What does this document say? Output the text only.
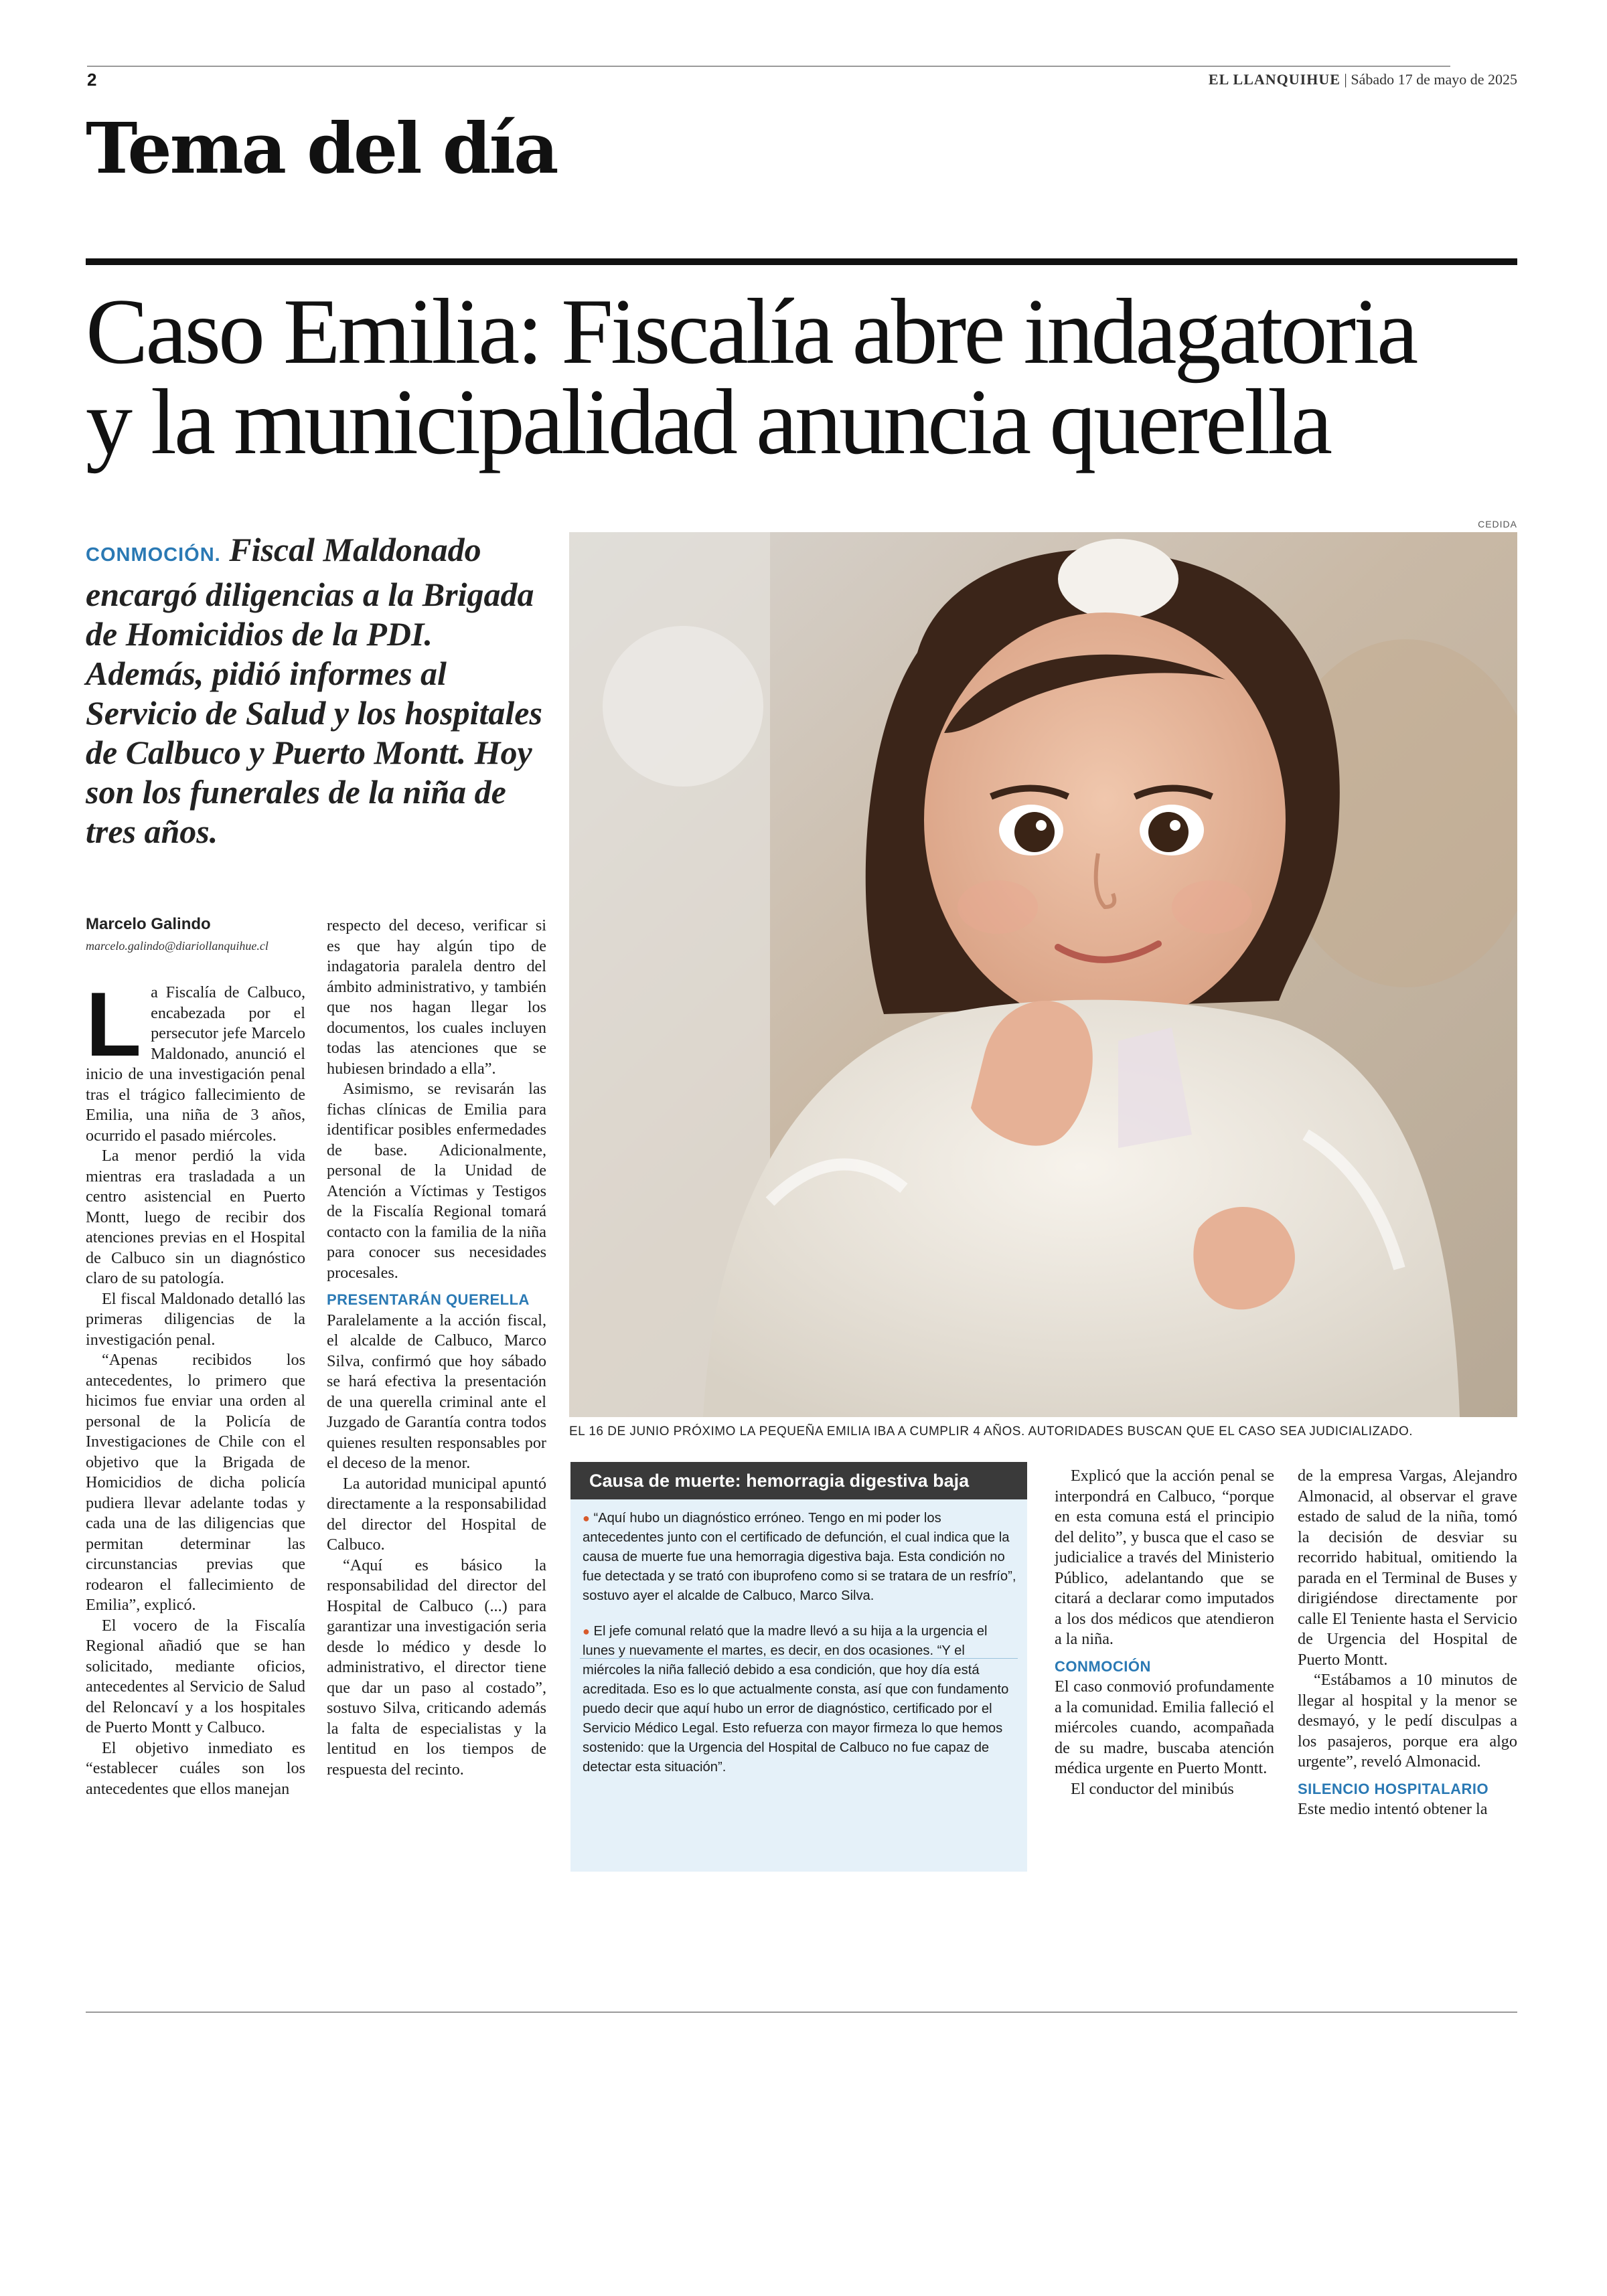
2	EL LLANQUIHUE | Sábado 17 de mayo de 2025
Tema del día
Caso Emilia: Fiscalía abre indagatoria
y la municipalidad anuncia querella
CEDIDA
CONMOCIÓN. Fiscal Maldonado encargó diligencias a la Brigada de Homicidios de la PDI. Además, pidió informes al Servicio de Salud y los hospitales de Calbuco y Puerto Montt. Hoy son los funerales de la niña de tres años.
EL 16 DE JUNIO PRÓXIMO LA PEQUEÑA EMILIA IBA A CUMPLIR 4 AÑOS. AUTORIDADES BUSCAN QUE EL CASO SEA JUDICIALIZADO.
Marcelo Galindo
marcelo.galindo@diariollanquihue.cl

La Fiscalía de Calbuco, encabezada por el persecutor jefe Marcelo Maldonado, anunció el inicio de una investigación penal tras el trágico fallecimiento de Emilia, una niña de 3 años, ocurrido el pasado miércoles.

La menor perdió la vida mientras era trasladada a un centro asistencial en Puerto Montt, luego de recibir dos atenciones previas en el Hospital de Calbuco sin un diagnóstico claro de su patología.

El fiscal Maldonado detalló las primeras diligencias de la investigación penal.

“Apenas recibidos los antecedentes, lo primero que hicimos fue enviar una orden al personal de la Policía de Investigaciones de Chile con el objetivo que la Brigada de Homicidios de dicha policía pudiera llevar adelante todas y cada una de las diligencias que permitan determinar las circunstancias previas que rodearon el fallecimiento de Emilia”, explicó.

El vocero de la Fiscalía Regional añadió que se han solicitado, mediante oficios, antecedentes al Servicio de Salud del Reloncaví y a los hospitales de Puerto Montt y Calbuco.

El objetivo inmediato es “establecer cuáles son los antecedentes que ellos manejan

respecto del deceso, verificar si es que hay algún tipo de indagatoria paralela dentro del ámbito administrativo, y también que nos hagan llegar los documentos, los cuales incluyen todas las atenciones que se hubiesen brindado a ella”.

Asimismo, se revisarán las fichas clínicas de Emilia para identificar posibles enfermedades de base. Adicionalmente, personal de la Unidad de Atención a Víctimas y Testigos de la Fiscalía Regional tomará contacto con la familia de la niña para conocer sus necesidades procesales.

PRESENTARÁN QUERELLA

Paralelamente a la acción fiscal, el alcalde de Calbuco, Marco Silva, confirmó que hoy sábado se hará efectiva la presentación de una querella criminal ante el Juzgado de Garantía contra todos quienes resulten responsables por el deceso de la menor.

La autoridad municipal apuntó directamente a la responsabilidad del director del Hospital de Calbuco.

“Aquí es básico la responsabilidad del director del Hospital de Calbuco (...) para garantizar una investigación seria desde lo médico y desde lo administrativo, el director tiene que dar un paso al costado”, sostuvo Silva, criticando además la falta de especialistas y la lentitud en los tiempos de respuesta del recinto.

Causa de muerte: hemorragia digestiva baja

● “Aquí hubo un diagnóstico erróneo. Tengo en mi poder los antecedentes junto con el certificado de defunción, el cual indica que la causa de muerte fue una hemorragia digestiva baja. Esta condición no fue detectada y se trató con ibuprofeno como si se tratara de un resfrío”, sostuvo ayer el alcalde de Calbuco, Marco Silva.

● El jefe comunal relató que la madre llevó a su hija a la urgencia el lunes y nuevamente el martes, es decir, en dos ocasiones. “Y el miércoles la niña falleció debido a esa condición, que hoy día está acreditada. Eso es lo que actualmente consta, así que con fundamento puedo decir que aquí hubo un error de diagnóstico, certificado por el Servicio Médico Legal. Esto refuerza con mayor firmeza lo que hemos sostenido: que la Urgencia del Hospital de Calbuco no fue capaz de detectar esta situación”.

Explicó que la acción penal se interpondrá en Calbuco, “porque en esta comuna está el principio del delito”, y busca que el caso se judicialice a través del Ministerio Público, adelantando que se citará a declarar como imputados a los dos médicos que atendieron a la niña.

CONMOCIÓN

El caso conmovió profundamente a la comunidad. Emilia falleció el miércoles cuando, acompañada de su madre, buscaba atención médica urgente en Puerto Montt.

El conductor del minibús

de la empresa Vargas, Alejandro Almonacid, al observar el grave estado de salud de la niña, tomó la decisión de desviar su recorrido habitual, omitiendo la parada en el Terminal de Buses y dirigiéndose directamente por calle El Teniente hasta el Servicio de Urgencia del Hospital de Puerto Montt.

“Estábamos a 10 minutos de llegar al hospital y la menor se desmayó, y le pedí disculpas a los pasajeros, porque era algo urgente”, reveló Almonacid.

SILENCIO HOSPITALARIO

Este medio intentó obtener la
